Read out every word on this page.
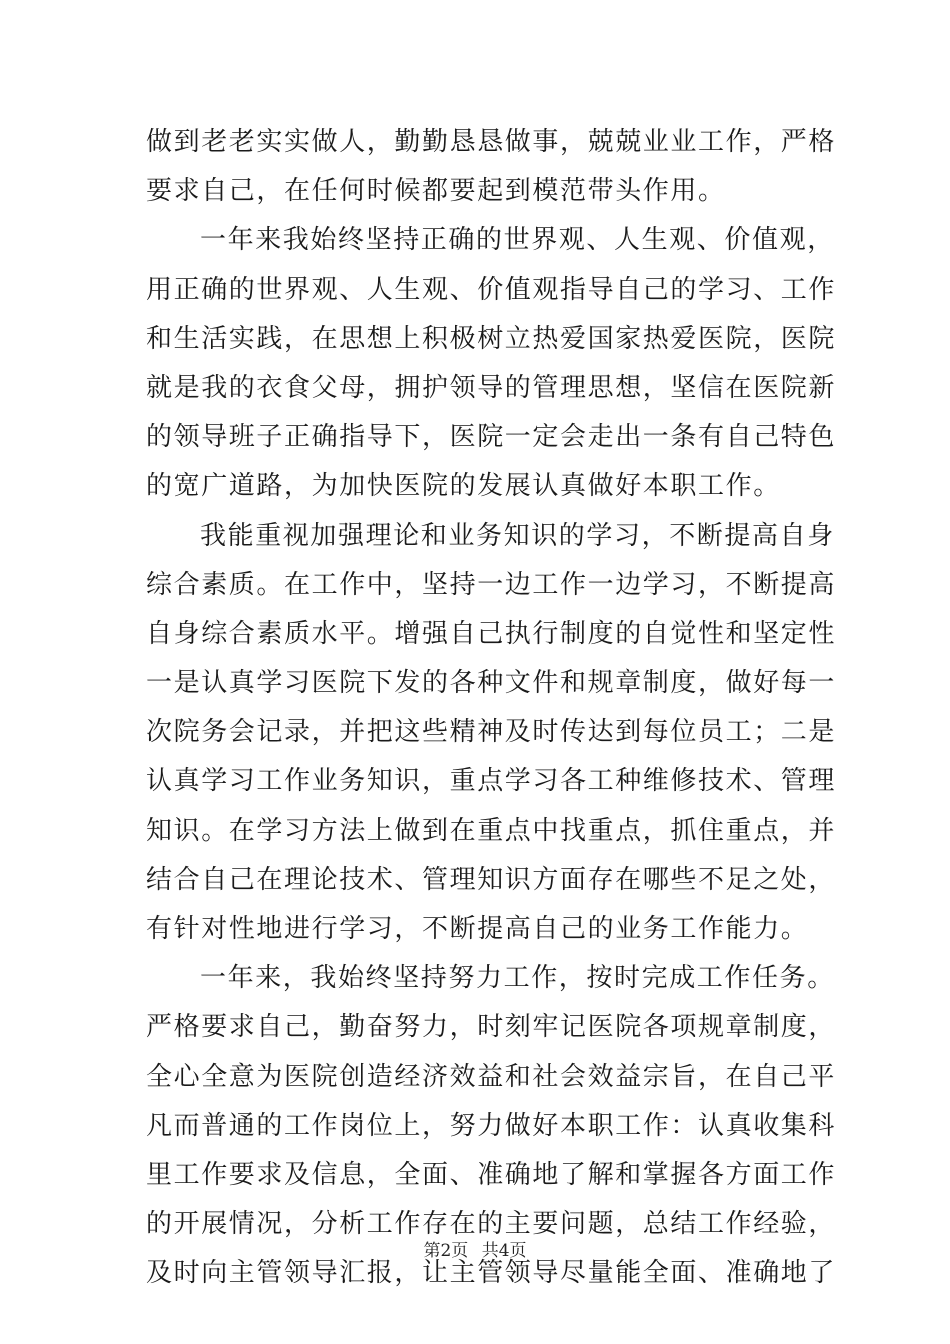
做到老老实实做人，勤勤恳恳做事，兢兢业业工作，严格
要求自己，在任何时候都要起到模范带头作用。
一年来我始终坚持正确的世界观、人生观、价值观，
用正确的世界观、人生观、价值观指导自己的学习、工作
和生活实践，在思想上积极树立热爱国家热爱医院，医院
就是我的衣食父母，拥护领导的管理思想，坚信在医院新
的领导班子正确指导下，医院一定会走出一条有自己特色
的宽广道路，为加快医院的发展认真做好本职工作。
我能重视加强理论和业务知识的学习，不断提高自身
综合素质。在工作中，坚持一边工作一边学习，不断提高
自身综合素质水平。增强自己执行制度的自觉性和坚定性
一是认真学习医院下发的各种文件和规章制度，做好每一
次院务会记录，并把这些精神及时传达到每位员工；二是
认真学习工作业务知识，重点学习各工种维修技术、管理
知识。在学习方法上做到在重点中找重点，抓住重点，并
结合自己在理论技术、管理知识方面存在哪些不足之处，
有针对性地进行学习，不断提高自己的业务工作能力。
一年来，我始终坚持努力工作，按时完成工作任务。
严格要求自己，勤奋努力，时刻牢记医院各项规章制度，
全心全意为医院创造经济效益和社会效益宗旨，在自己平
凡而普通的工作岗位上，努力做好本职工作：认真收集科
里工作要求及信息，全面、准确地了解和掌握各方面工作
的开展情况，分析工作存在的主要问题，总结工作经验，
及时向主管领导汇报，让主管领导尽量能全面、准确地了
第2页 共4页
